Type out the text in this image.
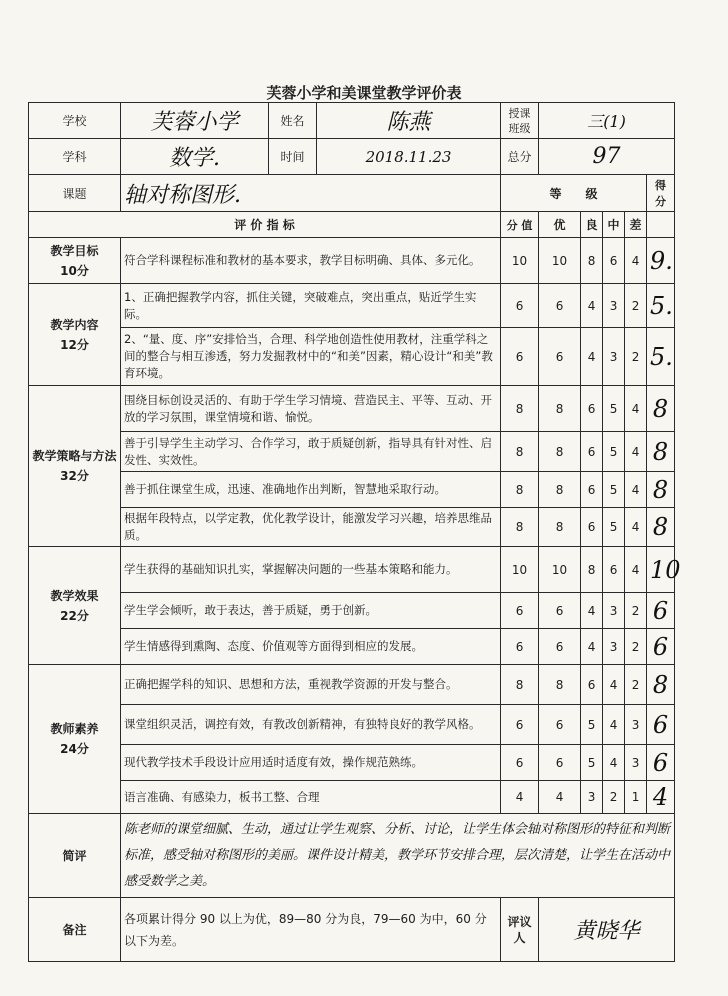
芙蓉小学和美课堂教学评价表
学校	芙蓉小学	姓名	陈燕	授课班级	三(1)				
学科	数学.	时间	2018.11.23	总分	97				
课题	轴对称图形.			等　　级					得分
评 价 指 标				分 值	优	良	中	差	
教学目标
10分	符合学科课程标准和教材的基本要求，教学目标明确、具体、多元化。			10	10	8	6	4	9.
教学内容
12分	1、正确把握教学内容，抓住关键，突破难点，突出重点，贴近学生实际。			6	6	4	3	2	5.
	2、“量、度、序”安排恰当，合理、科学地创造性使用教材，注重学科之间的整合与相互渗透，努力发掘教材中的“和美”因素，精心设计“和美”教育环境。			6	6	4	3	2	5.
教学策略与方法
32分	围绕目标创设灵活的、有助于学生学习情境、营造民主、平等、互动、开放的学习氛围，课堂情境和谐、愉悦。			8	8	6	5	4	8
	善于引导学生主动学习、合作学习，敢于质疑创新，指导具有针对性、启发性、实效性。			8	8	6	5	4	8
	善于抓住课堂生成，迅速、准确地作出判断，智慧地采取行动。			8	8	6	5	4	8
	根据年段特点，以学定教，优化教学设计，能激发学习兴趣，培养思维品质。			8	8	6	5	4	8
教学效果
22分	学生获得的基础知识扎实，掌握解决问题的一些基本策略和能力。			10	10	8	6	4	10
	学生学会倾听，敢于表达，善于质疑，勇于创新。			6	6	4	3	2	6
	学生情感得到熏陶、态度、价值观等方面得到相应的发展。			6	6	4	3	2	6
教师素养
24分	正确把握学科的知识、思想和方法，重视教学资源的开发与整合。			8	8	6	4	2	8
	课堂组织灵活，调控有效，有教改创新精神，有独特良好的教学风格。			6	6	5	4	3	6
	现代教学技术手段设计应用适时适度有效，操作规范熟练。			6	6	5	4	3	6
	语言准确、有感染力，板书工整、合理			4	4	3	2	1	4
简评	陈老师的课堂细腻、生动，通过让学生观察、分析、讨论，让学生体会轴对称图形的特征和判断标准，感受轴对称图形的美丽。课件设计精美，教学环节安排合理，层次清楚，让学生在活动中感受数学之美。								
备注	各项累计得分 90 以上为优，89—80 分为良，79—60 为中，60 分以下为差。			评议人	黄晓华				
